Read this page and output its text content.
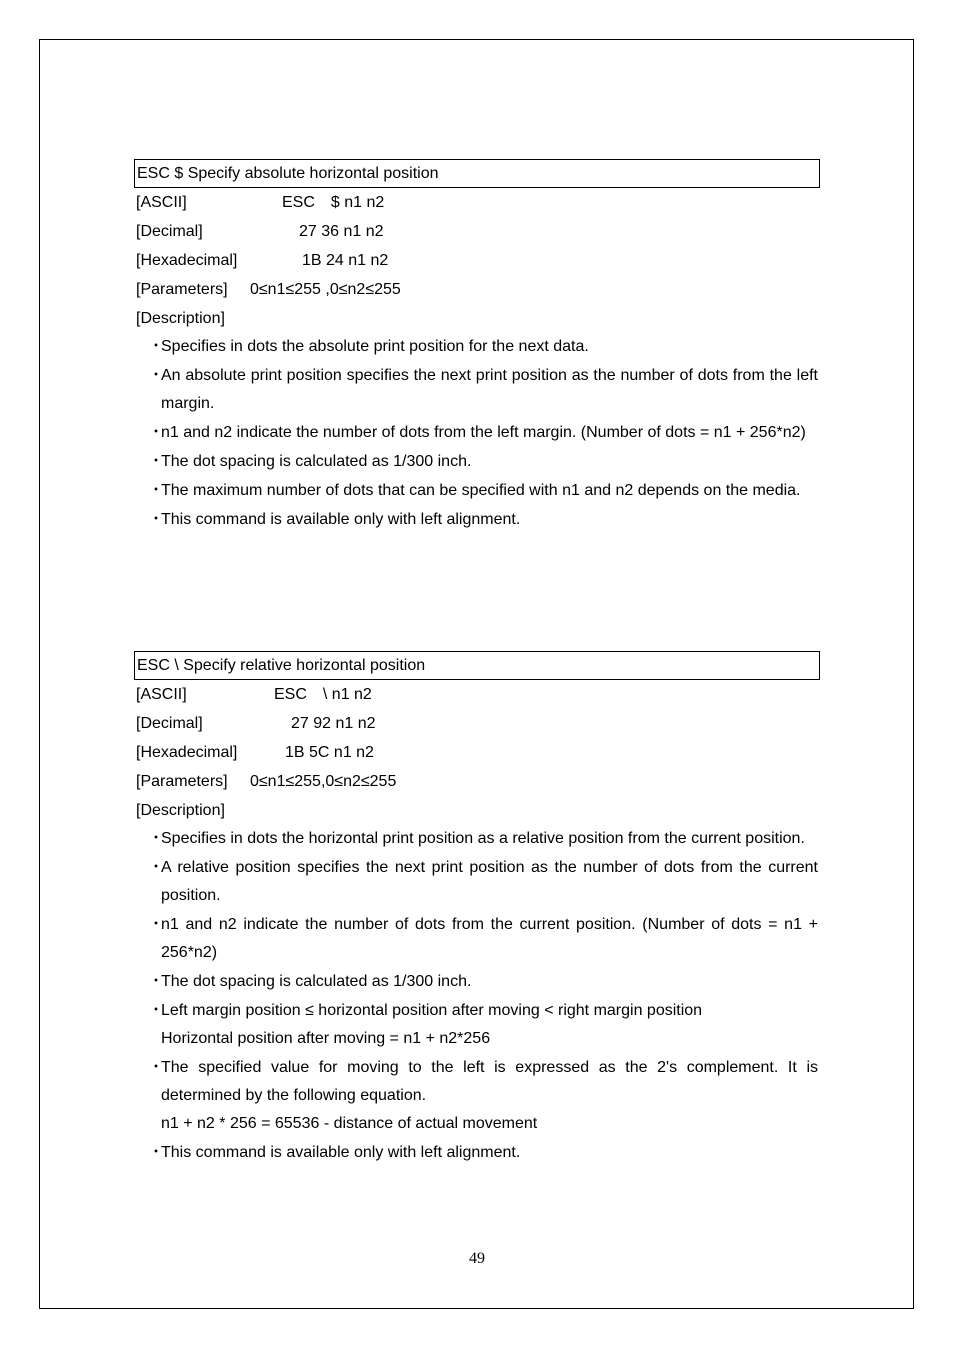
ESC $ Specify absolute horizontal position
[ASCII]	ESC　$ n1 n2
[Decimal]	27 36 n1 n2
[Hexadecimal]	1B 24 n1 n2
[Parameters] 0≤n1≤255 ,0≤n2≤255
[Description]
・
Specifies in dots the absolute print position for the next data.
・
An absolute print position specifies the next print position as the number of dots from the left margin.
・
n1 and n2 indicate the number of dots from the left margin. (Number of dots = n1 + 256*n2)
・
The dot spacing is calculated as 1/300 inch.
・
The maximum number of dots that can be specified with n1 and n2 depends on the media.
・
This command is available only with left alignment.
ESC \ Specify relative horizontal position
[ASCII]	ESC　\ n1 n2
[Decimal]	27 92 n1 n2
[Hexadecimal]	1B 5C n1 n2
[Parameters] 0≤n1≤255,0≤n2≤255
[Description]
・
Specifies in dots the horizontal print position as a relative position from the current position.
・
A relative position specifies the next print position as the number of dots from the current position.
・
n1 and n2 indicate the number of dots from the current position. (Number of dots = n1 + 256*n2)
・
The dot spacing is calculated as 1/300 inch.
・
Left margin position ≤ horizontal position after moving < right margin position
Horizontal position after moving = n1 + n2*256
・
The specified value for moving to the left is expressed as the 2's complement. It is determined by the following equation.
n1 + n2 * 256 = 65536 - distance of actual movement
・
This command is available only with left alignment.
49
